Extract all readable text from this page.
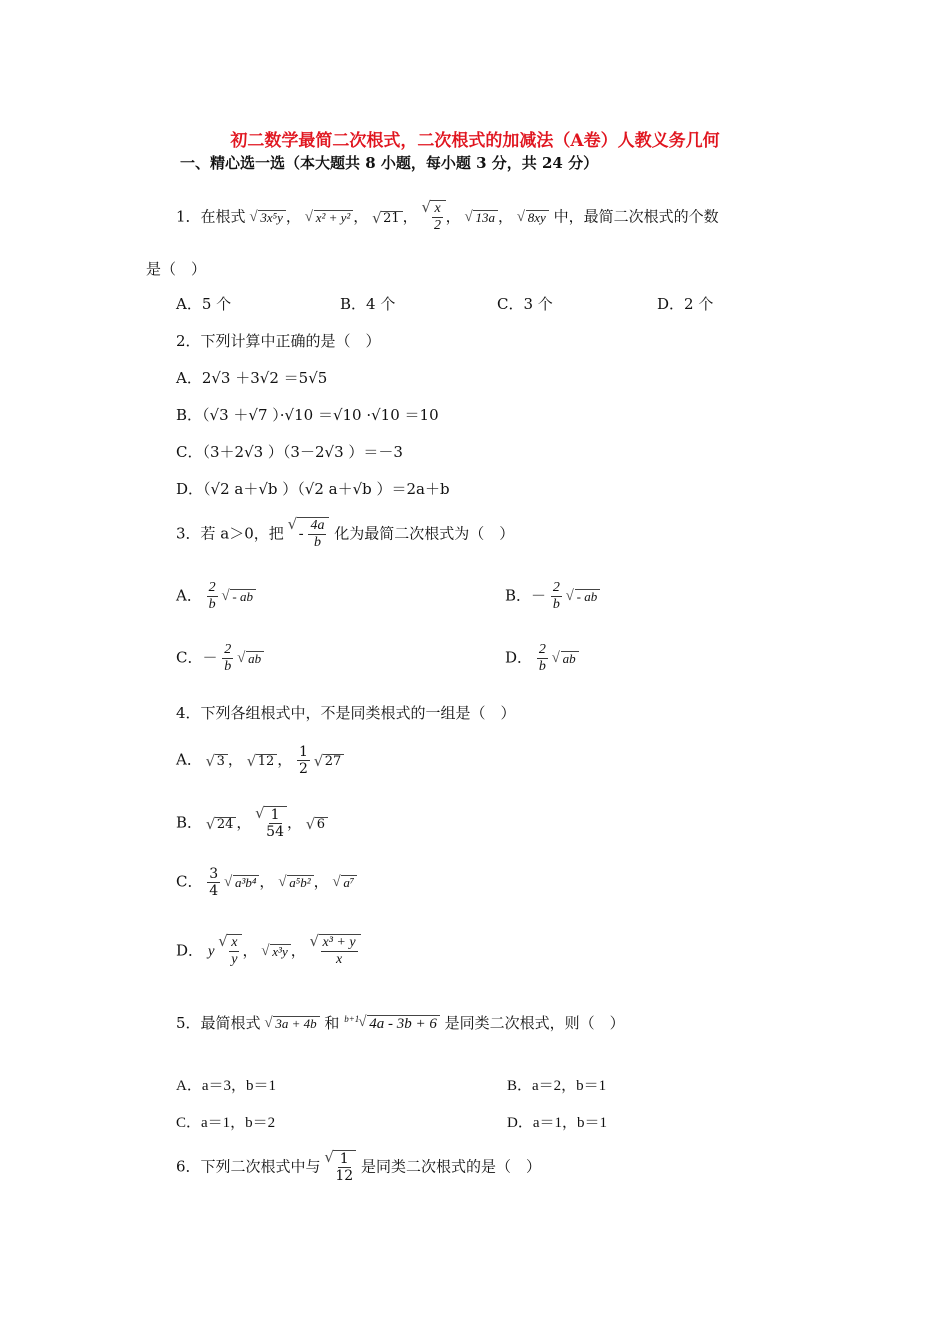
初二数学最简二次根式，二次根式的加减法（A卷）人教义务几何
一、精心选一选（本大题共 8 小题，每小题 3 分，共 24 分）
1．在根式 √ 3x⁵y ， √ x² + y² ， √ 21 ， √ $\frac{x}{2}$ ， √ 13a ， √ 8xy 中，最简二次根式的个数
是（　）
A．5 个	B．4 个	C．3 个	D．2 个
2．下列计算中正确的是（　）
A．2√3 ＋3√2 ＝5√5
B．（√3 ＋√7 ）·√10 ＝√10 ·√10 ＝10
C．（3＋2√3 ）（3－2√3 ）＝－3
D．（√2 a＋√b ）（√2 a＋√b ）＝2a＋b
3．若 a＞0，把 √ - $\frac{4a}{b}$ 化为最简二次根式为（　）
A． $\frac{2}{b}$ √ - ab	B．－ $\frac{2}{b}$ √ - ab
C．－ $\frac{2}{b}$ √ ab	D． $\frac{2}{b}$ √ ab
4．下列各组根式中，不是同类根式的一组是（　）
A． √ 3 ， √ 12 ， $\frac{1}{2}$ √ 27
B． √ 24 ， √ $\frac{1}{54}$ ， √ 6
C． $\frac{3}{4}$ √ a³b⁴ ， √ a⁵b² ， √ a⁷
D． y √ $\frac{x}{y}$ ， √ x³y ， √ $\frac{\text{x³ + y}}{x}$
5．最简根式 √ 3a + 4b 和 $^{b+1}$ √ 4a - 3b + 6 是同类二次根式，则（　）
A．a＝3，b＝1	B．a＝2，b＝1
C．a＝1，b＝2	D．a＝1，b＝1
6．下列二次根式中与 √ $\frac{1}{12}$ 是同类二次根式的是（　）
